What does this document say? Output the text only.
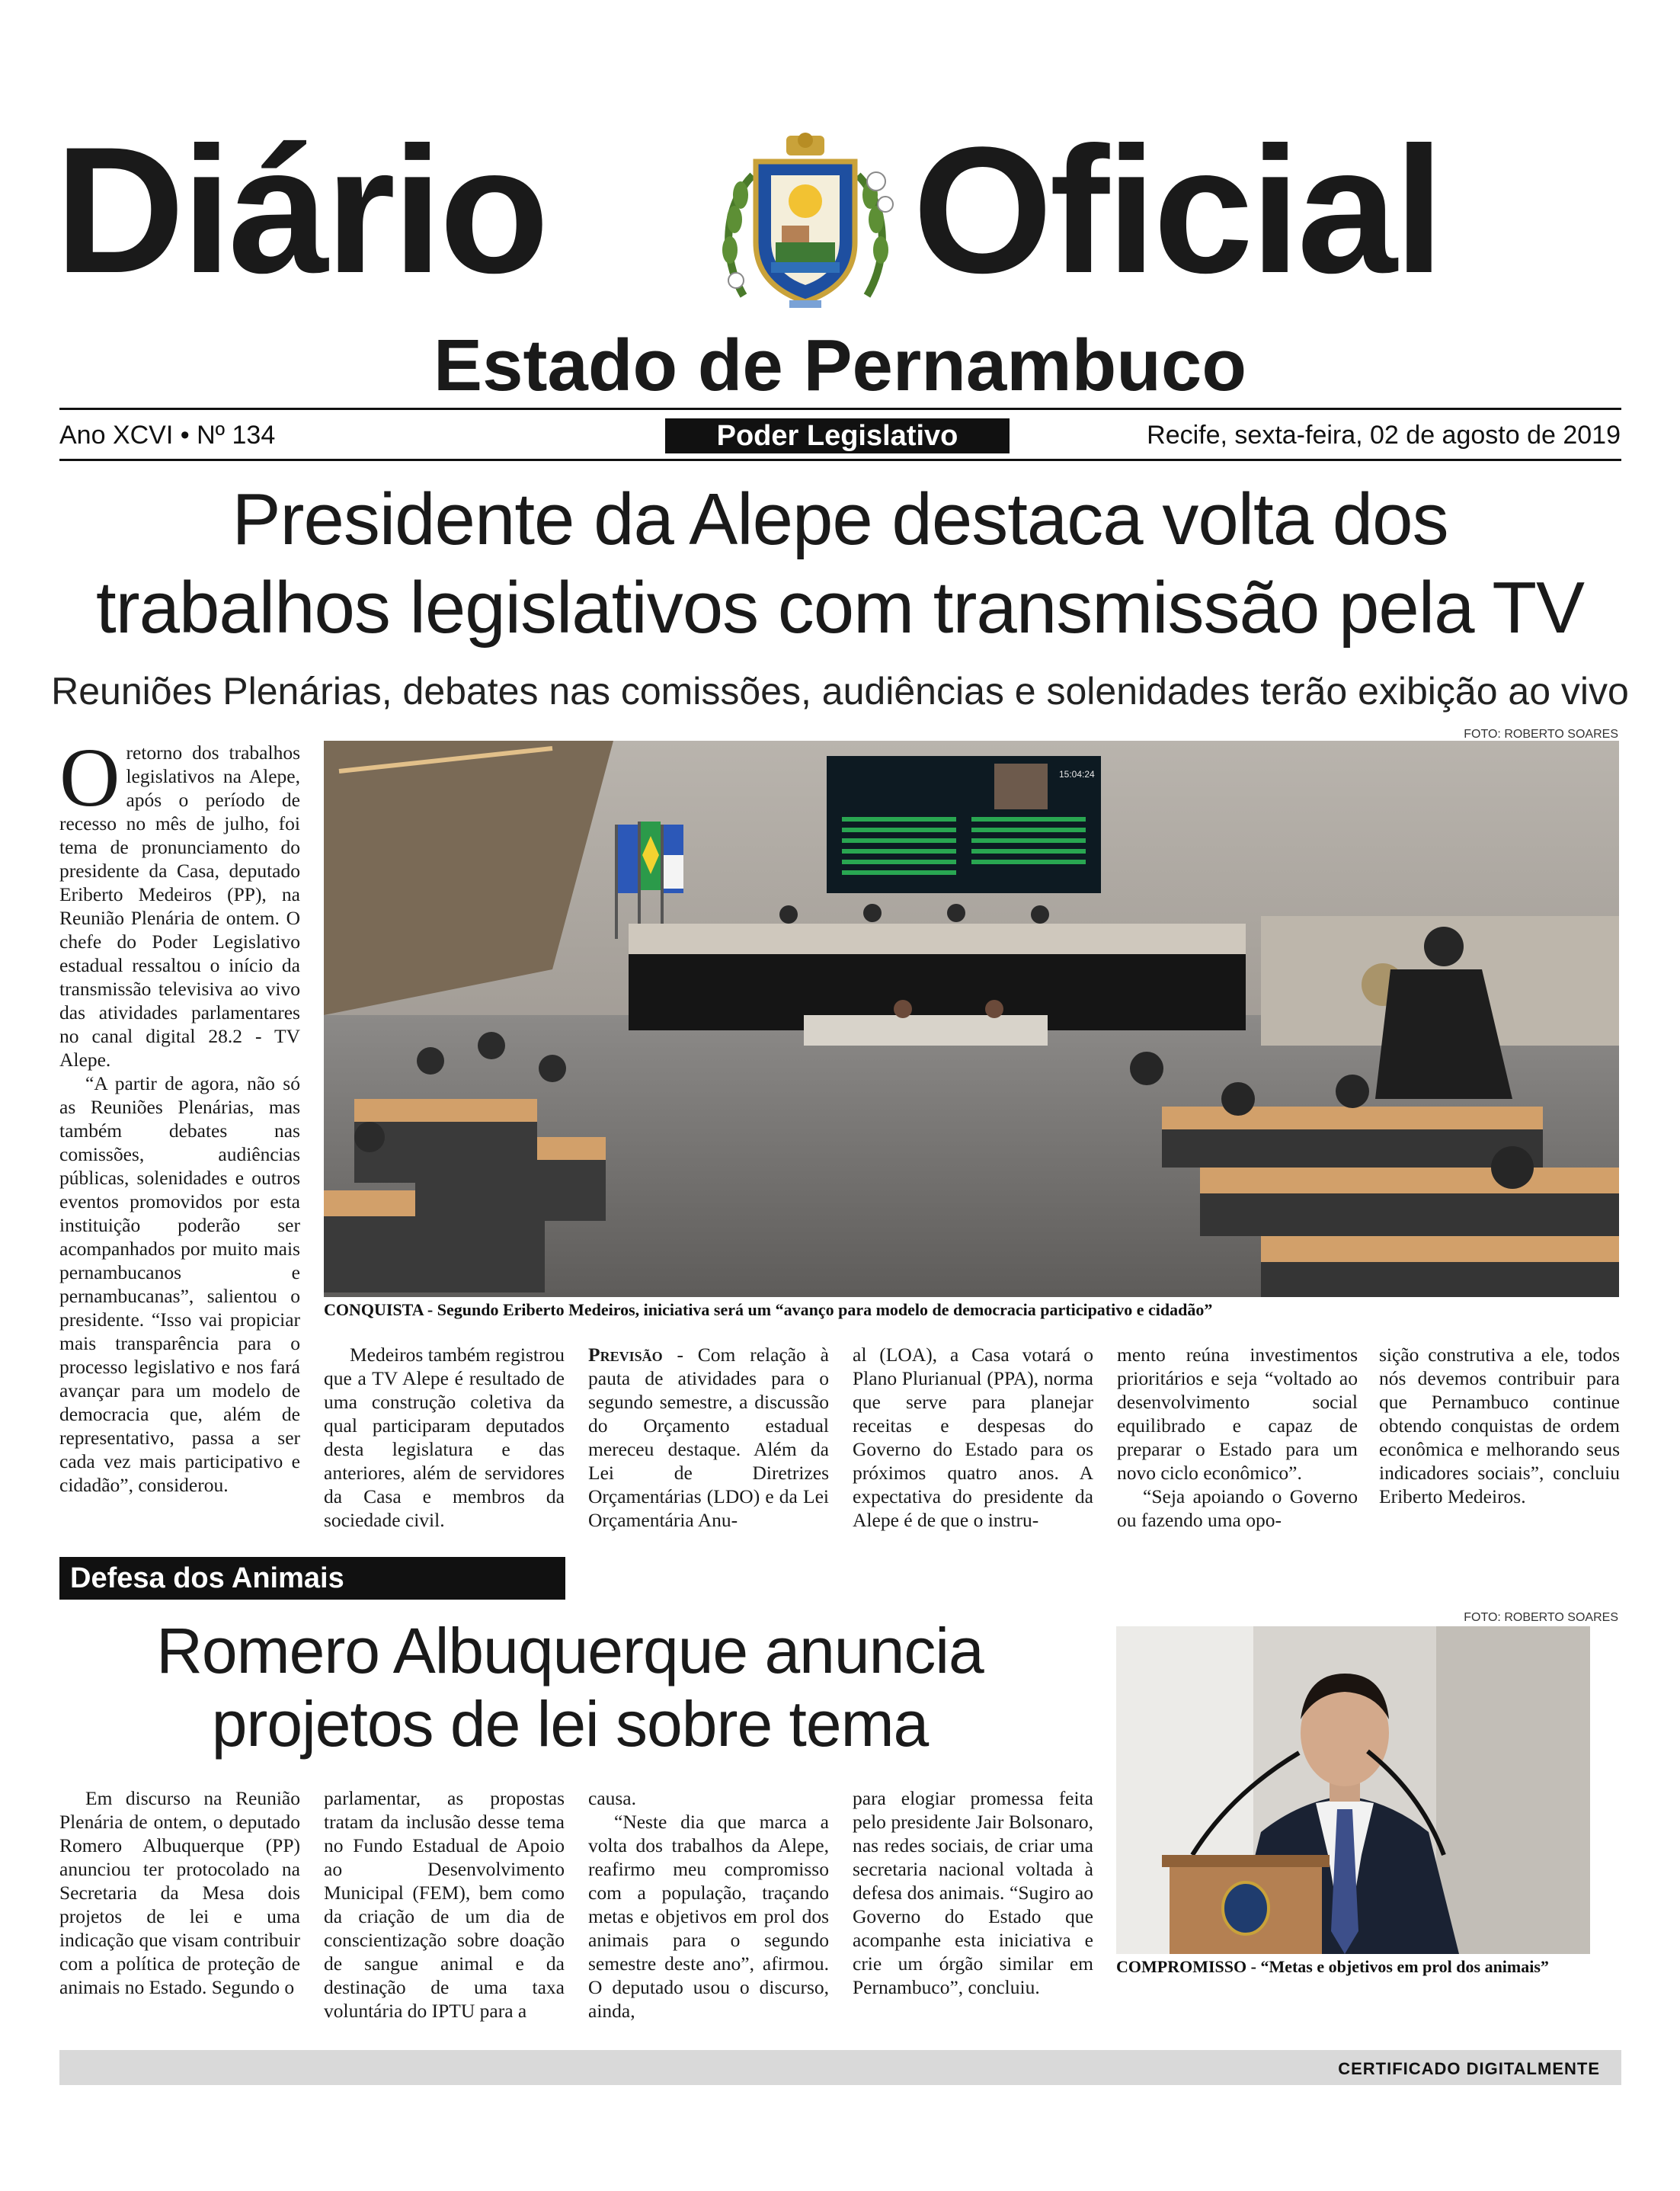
Diário Oficial
Estado de Pernambuco
Ano XCVI • Nº 134	Poder Legislativo	Recife, sexta-feira, 02 de agosto de 2019
Presidente da Alepe destaca volta dos
trabalhos legislativos com transmissão pela TV
Reuniões Plenárias, debates nas comissões, audiências e solenidades terão exibição ao vivo
FOTO: ROBERTO SOARES

Oretorno dos trabalhos legislativos na Alepe, após o período de recesso no mês de julho, foi tema de pronunciamento do presidente da Casa, deputado Eriberto Medeiros (PP), na Reunião Plenária de ontem. O chefe do Poder Legislativo estadual ressaltou o início da transmissão televisiva ao vivo das atividades parlamentares no canal digital 28.2 - TV Alepe.

“A partir de agora, não só as Reuniões Plenárias, mas também debates nas comissões, audiências públicas, solenidades e outros eventos promovidos por esta instituição poderão ser acompanhados por muito mais pernambucanos e pernambucanas”, salientou o presidente. “Isso vai propiciar mais transparência para o processo legislativo e nos fará avançar para um modelo de democracia que, além de representativo, passa a ser cada vez mais participativo e cidadão”, considerou.

15:04:24
CONQUISTA - Segundo Eriberto Medeiros, iniciativa será um “avanço para modelo de democracia participativo e cidadão”

Medeiros também registrou que a TV Alepe é resultado de uma construção coletiva da qual participaram deputados desta legislatura e das anteriores, além de servidores da Casa e membros da sociedade civil.

Previsão - Com relação à pauta de atividades para o segundo semestre, a discussão do Orçamento estadual mereceu destaque. Além da Lei de Diretrizes Orçamentárias (LDO) e da Lei Orçamentária Anu-

al (LOA), a Casa votará o Plano Plurianual (PPA), norma que serve para planejar receitas e despesas do Governo do Estado para os próximos quatro anos. A expectativa do presidente da Alepe é de que o instru-

mento reúna investimentos prioritários e seja “voltado ao desenvolvimento social equilibrado e capaz de preparar o Estado para um novo ciclo econômico”.

“Seja apoiando o Governo ou fazendo uma opo-

sição construtiva a ele, todos nós devemos contribuir para que Pernambuco continue obtendo conquistas de ordem econômica e melhorando seus indicadores sociais”, concluiu Eriberto Medeiros.

Defesa dos Animais
Romero Albuquerque anuncia
projetos de lei sobre tema
FOTO: ROBERTO SOARES
COMPROMISSO - “Metas e objetivos em prol dos animais”

Em discurso na Reunião Plenária de ontem, o deputado Romero Albuquerque (PP) anunciou ter protocolado na Secretaria da Mesa dois projetos de lei e uma indicação que visam contribuir com a política de proteção de animais no Estado. Segundo o

parlamentar, as propostas tratam da inclusão desse tema no Fundo Estadual de Apoio ao Desenvolvimento Municipal (FEM), bem como da criação de um dia de conscientização sobre doação de sangue animal e da destinação de uma taxa voluntária do IPTU para a

causa.

“Neste dia que marca a volta dos trabalhos da Alepe, reafirmo meu compromisso com a população, traçando metas e objetivos em prol dos animais para o segundo semestre deste ano”, afirmou. O deputado usou o discurso, ainda,

para elogiar promessa feita pelo presidente Jair Bolsonaro, nas redes sociais, de criar uma secretaria nacional voltada à defesa dos animais. “Sugiro ao Governo do Estado que acompanhe esta iniciativa e crie um órgão similar em Pernambuco”, concluiu.

CERTIFICADO DIGITALMENTE
